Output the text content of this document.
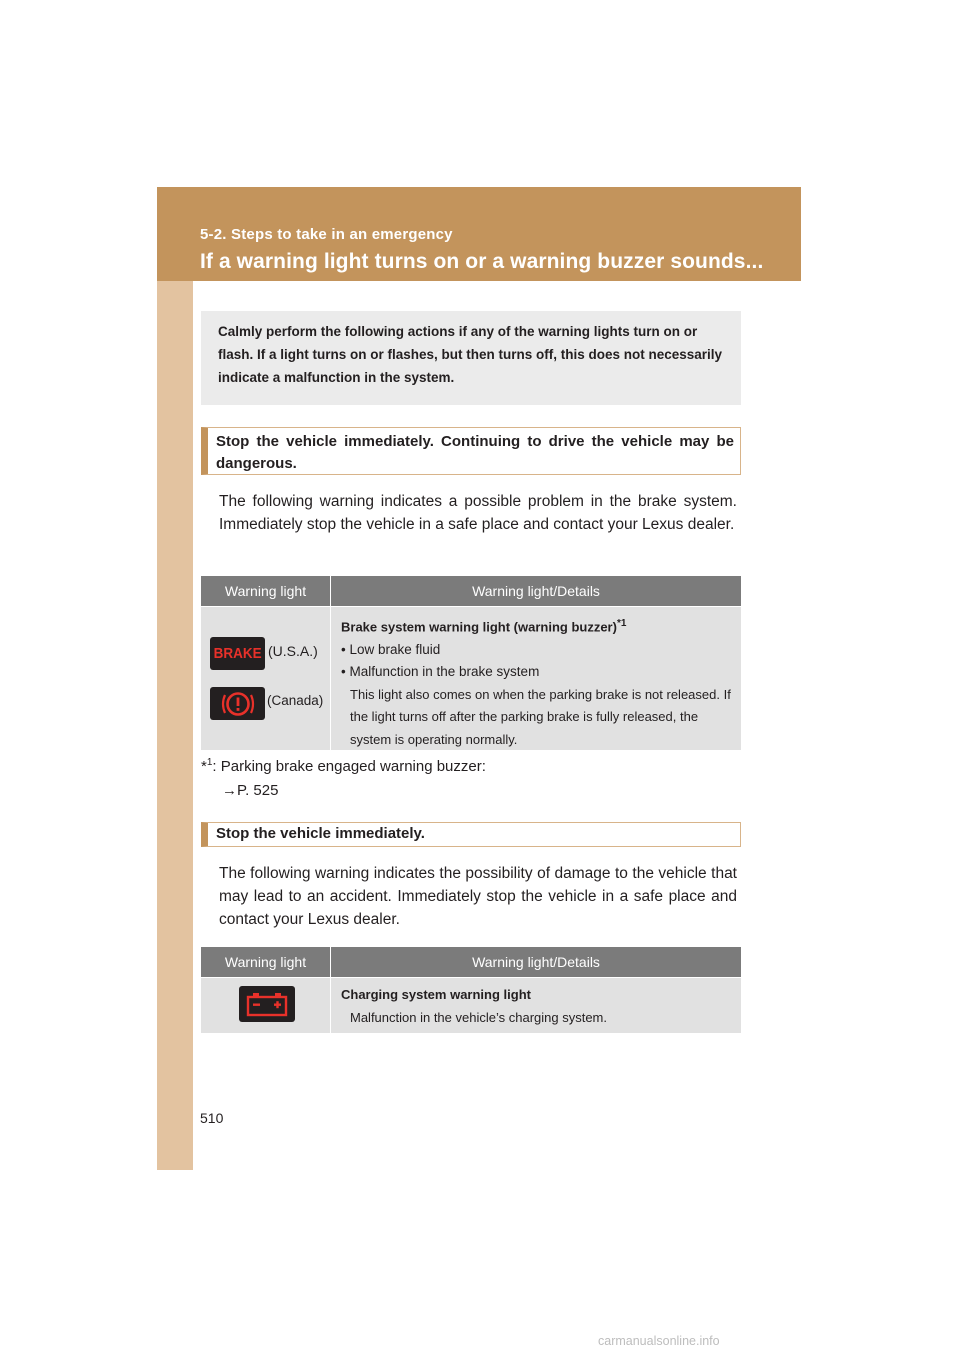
5-2. Steps to take in an emergency
If a warning light turns on or a warning buzzer sounds...
Calmly perform the following actions if any of the warning lights turn on or flash. If a light turns on or flashes, but then turns off, this does not necessarily indicate a malfunction in the system.
Stop the vehicle immediately. Continuing to drive the vehicle may be dangerous.
The following warning indicates a possible problem in the brake system. Immediately stop the vehicle in a safe place and contact your Lexus dealer.
Warning light	Warning light/Details
BRAKE (U.S.A.)
(Canada)
Brake system warning light (warning buzzer)$^{*1}$
• Low brake fluid
• Malfunction in the brake system
This light also comes on when the parking brake is not released. If the light turns off after the parking brake is fully released, the system is operating normally.
*$^1$: Parking brake engaged warning buzzer:
→P. 525
Stop the vehicle immediately.
The following warning indicates the possibility of damage to the vehicle that may lead to an accident. Immediately stop the vehicle in a safe place and contact your Lexus dealer.
Warning light	Warning light/Details
Charging system warning light
Malfunction in the vehicle’s charging system.
510
carmanualsonline.info
